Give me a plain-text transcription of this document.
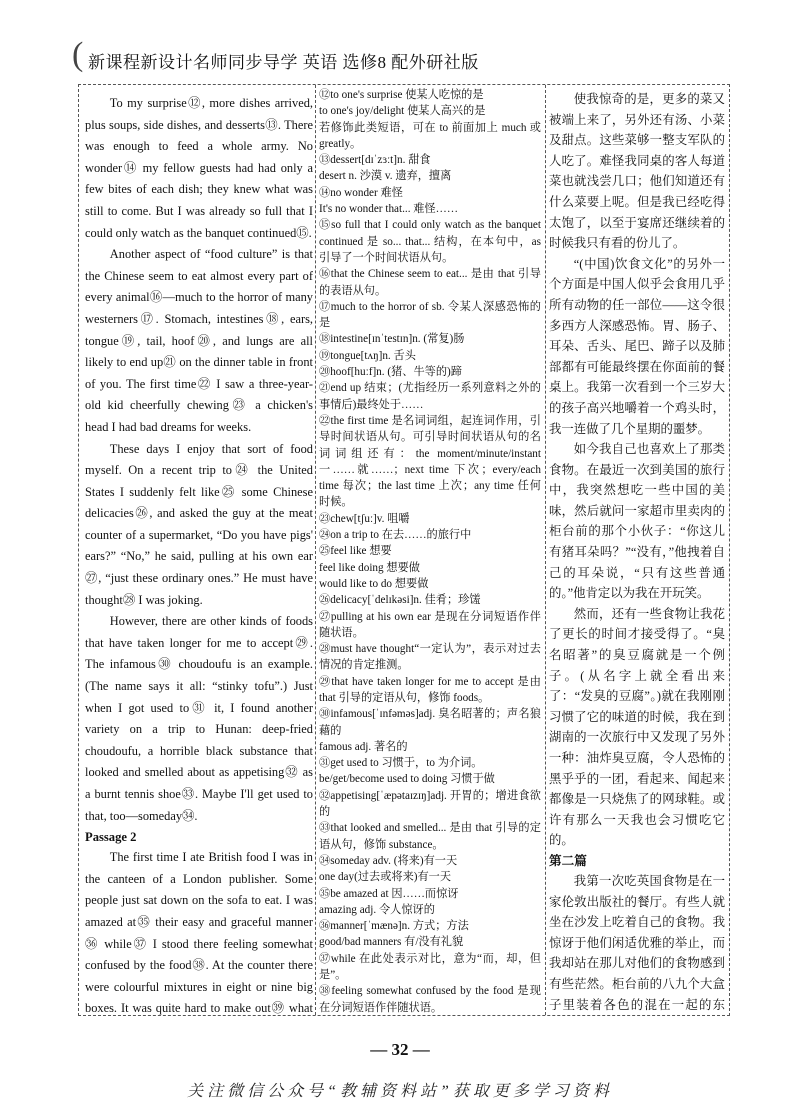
( 新课程新设计名师同步导学 英语 选修8 配外研社版

To my surprise⑫, more dishes arrived, plus soups, side dishes, and desserts⑬. There was enough to feed a whole army. No wonder⑭ my fellow guests had had only a few bites of each dish; they knew what was still to come. But I was already so full that I could only watch as the banquet continued⑮.

Another aspect of “food culture” is that the Chinese seem to eat almost every part of every animal⑯—much to the horror of many westerners⑰. Stomach, intestines⑱, ears, tongue⑲, tail, hoof⑳, and lungs are all likely to end up㉑ on the dinner table in front of you. The first time㉒ I saw a three-year-old kid cheerfully chewing㉓ a chicken's head I had bad dreams for weeks.

These days I enjoy that sort of food myself. On a recent trip to㉔ the United States I suddenly felt like㉕ some Chinese delicacies㉖, and asked the guy at the meat counter of a supermarket, “Do you have pigs' ears?” “No,” he said, pulling at his own ear㉗, “just these ordinary ones.” He must have thought㉘ I was joking.

However, there are other kinds of foods that have taken longer for me to accept㉙. The infamous㉚ choudoufu is an example. (The name says it all: “stinky tofu”.) Just when I got used to㉛ it, I found another variety on a trip to Hunan: deep-fried choudoufu, a horrible black substance that looked and smelled about as appetising㉜ as a burnt tennis shoe㉝. Maybe I'll get used to that, too—someday㉞.

Passage 2

The first time I ate British food I was in the canteen of a London publisher. Some people just sat down on the sofa to eat. I was amazed at㉟ their easy and graceful manner㊱ while㊲ I stood there feeling somewhat confused by the food㊳. At the counter there were colourful mixtures in eight or nine big boxes. It was quite hard to make out㊴ what

⑫to one's surprise 使某人吃惊的是

to one's joy/delight 使某人高兴的是

若修饰此类短语，可在 to 前面加上 much 或 greatly。

⑬dessert[dɪˈzɜːt]n. 甜食

desert n. 沙漠 v. 遗弃，擅离

⑭no wonder 难怪

It's no wonder that... 难怪……

⑮so full that I could only watch as the banquet continued 是 so... that... 结构，在本句中，as 引导了一个时间状语从句。

⑯that the Chinese seem to eat... 是由 that 引导的表语从句。

⑰much to the horror of sb. 令某人深感恐怖的是

⑱intestine[ɪnˈtestɪn]n. (常复)肠

⑲tongue[tʌŋ]n. 舌头

⑳hoof[huːf]n. (猪、牛等的)蹄

㉑end up 结束；(尤指经历一系列意料之外的事情后)最终处于……

㉒the first time 是名词词组，起连词作用，引导时间状语从句。可引导时间状语从句的名词词组还有：the moment/minute/instant 一……就……；next time 下次；every/each time 每次；the last time 上次；any time 任何时候。

㉓chew[tʃuː]v. 咀嚼

㉔on a trip to 在去……的旅行中

㉕feel like 想要

feel like doing 想要做

would like to do 想要做

㉖delicacy[ˈdelɪkəsi]n. 佳肴；珍馐

㉗pulling at his own ear 是现在分词短语作伴随状语。

㉘must have thought“一定认为”，表示对过去情况的肯定推测。

㉙that have taken longer for me to accept 是由 that 引导的定语从句，修饰 foods。

㉚infamous[ˈɪnfəməs]adj. 臭名昭著的；声名狼藉的

famous adj. 著名的

㉛get used to 习惯于，to 为介词。

be/get/become used to doing 习惯于做

㉜appetising[ˈæpətaɪzɪŋ]adj. 开胃的；增进食欲的

㉝that looked and smelled... 是由 that 引导的定语从句，修饰 substance。

㉞someday adv. (将来)有一天

one day(过去或将来)有一天

㉟be amazed at 因……而惊讶

amazing adj. 令人惊讶的

㊱manner[ˈmænə]n. 方式；方法

good/bad manners 有/没有礼貌

㊲while 在此处表示对比，意为“而，却，但是”。

㊳feeling somewhat confused by the food 是现在分词短语作伴随状语。

使我惊奇的是，更多的菜又被端上来了，另外还有汤、小菜及甜点。这些菜够一整支军队的人吃了。难怪我同桌的客人每道菜也就浅尝几口；他们知道还有什么菜要上呢。但是我已经吃得太饱了，以至于宴席还继续着的时候我只有看的份儿了。

“(中国)饮食文化”的另外一个方面是中国人似乎会食用几乎所有动物的任一部位——这令很多西方人深感恐怖。胃、肠子、耳朵、舌头、尾巴、蹄子以及肺部都有可能最终摆在你面前的餐桌上。我第一次看到一个三岁大的孩子高兴地嚼着一个鸡头时，我一连做了几个星期的噩梦。

如今我自己也喜欢上了那类食物。在最近一次到美国的旅行中，我突然想吃一些中国的美味，然后就问一家超市里卖肉的柜台前的那个小伙子：“你这儿有猪耳朵吗？”“没有，”他拽着自己的耳朵说，“只有这些普通的。”他肯定以为我在开玩笑。

然而，还有一些食物让我花了更长的时间才接受得了。“臭名昭著”的臭豆腐就是一个例子。(从名字上就全看出来了：“发臭的豆腐”。)就在我刚刚习惯了它的味道的时候，我在到湖南的一次旅行中又发现了另外一种：油炸臭豆腐，令人恐怖的黑乎乎的一团，看起来、闻起来都像是一只烧焦了的网球鞋。或许有那么一天我也会习惯吃它的。

第二篇

我第一次吃英国食物是在一家伦敦出版社的餐厅。有些人就坐在沙发上吃着自己的食物。我惊讶于他们闲适优雅的举止，而我却站在那儿对他们的食物感到有些茫然。柜台前的八九个大盒子里装着各色的混在一起的东

— 32 —
关注微信公众号“教辅资料站”获取更多学习资料
